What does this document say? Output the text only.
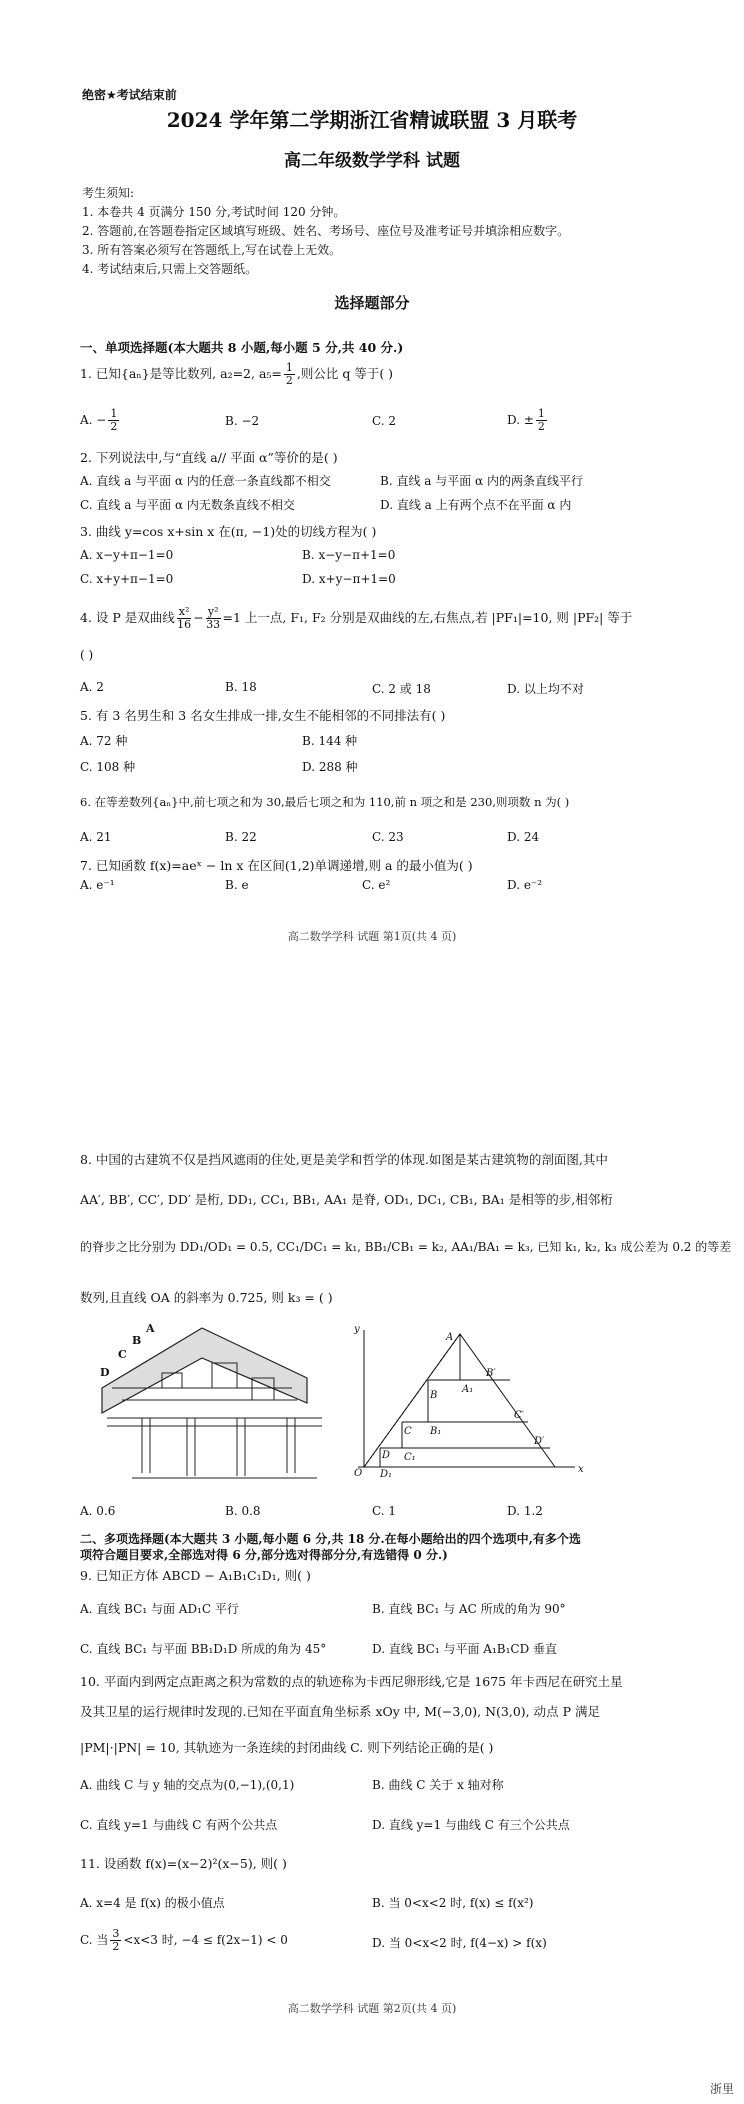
绝密★考试结束前
2024 学年第二学期浙江省精诚联盟 3 月联考
高二年级数学学科 试题
考生须知:
1. 本卷共 4 页满分 150 分,考试时间 120 分钟。
2. 答题前,在答题卷指定区域填写班级、姓名、考场号、座位号及准考证号并填涂相应数字。
3. 所有答案必须写在答题纸上,写在试卷上无效。
4. 考试结束后,只需上交答题纸。
选择题部分
一、单项选择题(本大题共 8 小题,每小题 5 分,共 40 分.)
1. 已知{aₙ}是等比数列, a₂=2, $a_5= \frac{1}{2}$ ,则公比 q 等于( )
A. − $\frac{1}{2}$	B. −2	C. 2	D. ± $\frac{1}{2}$
2. 下列说法中,与“直线 a// 平面 α”等价的是( )
A. 直线 a 与平面 α 内的任意一条直线都不相交	B. 直线 a 与平面 α 内的两条直线平行
C. 直线 a 与平面 α 内无数条直线不相交	D. 直线 a 上有两个点不在平面 α 内
3. 曲线 y=cos x+sin x 在(π, −1)处的切线方程为( )
A. x−y+π−1=0	B. x−y−π+1=0
C. x+y+π−1=0	D. x+y−π+1=0
4. 设 P 是双曲线 $\frac{\text{x²}}{16} - \frac{\text{y²}}{33} =1$ 上一点, F₁, F₂ 分别是双曲线的左,右焦点,若 |PF₁|=10, 则 |PF₂| 等于
( )
A. 2	B. 18	C. 2 或 18	D. 以上均不对
5. 有 3 名男生和 3 名女生排成一排,女生不能相邻的不同排法有( )
A. 72 种	B. 144 种
C. 108 种	D. 288 种
6. 在等差数列{aₙ}中,前七项之和为 30,最后七项之和为 110,前 n 项之和是 230,则项数 n 为( )
A. 21	B. 22	C. 23	D. 24
7. 已知函数 f(x)=aeˣ − ln x 在区间(1,2)单调递增,则 a 的最小值为( )
A. e⁻¹	B. e	C. e²	D. e⁻²
高二数学学科 试题 第1页(共 4 页)
8. 中国的古建筑不仅是挡风遮雨的住处,更是美学和哲学的体现.如图是某古建筑物的剖面图,其中
AA′, BB′, CC′, DD′ 是桁, DD₁, CC₁, BB₁, AA₁ 是脊, OD₁, DC₁, CB₁, BA₁ 是相等的步,相邻桁
的脊步之比分别为 DD₁/OD₁ = 0.5, CC₁/DC₁ = k₁, BB₁/CB₁ = k₂, AA₁/BA₁ = k₃, 已知 k₁, k₂, k₃ 成公差为 0.2 的等差
数列,且直线 OA 的斜率为 0.725, 则 k₃ = ( )
A
B
C
D
y
x
O
A
B
C
D
A₁
B₁
C₁
D₁
B′
C′
D′
A. 0.6	B. 0.8	C. 1	D. 1.2
二、多项选择题(本大题共 3 小题,每小题 6 分,共 18 分.在每小题给出的四个选项中,有多个选
项符合题目要求,全部选对得 6 分,部分选对得部分分,有选错得 0 分.)
9. 已知正方体 ABCD − A₁B₁C₁D₁, 则( )
A. 直线 BC₁ 与面 AD₁C 平行	B. 直线 BC₁ 与 AC 所成的角为 90°
C. 直线 BC₁ 与平面 BB₁D₁D 所成的角为 45°	D. 直线 BC₁ 与平面 A₁B₁CD 垂直
10. 平面内到两定点距离之积为常数的点的轨迹称为卡西尼卵形线,它是 1675 年卡西尼在研究土星
及其卫星的运行规律时发现的.已知在平面直角坐标系 xOy 中, M(−3,0), N(3,0), 动点 P 满足
|PM|·|PN| = 10, 其轨迹为一条连续的封闭曲线 C. 则下列结论正确的是( )
A. 曲线 C 与 y 轴的交点为(0,−1),(0,1)	B. 曲线 C 关于 x 轴对称
C. 直线 y=1 与曲线 C 有两个公共点	D. 直线 y=1 与曲线 C 有三个公共点
11. 设函数 f(x)=(x−2)²(x−5), 则( )
A. x=4 是 f(x) 的极小值点	B. 当 0<x<2 时, f(x) ≤ f(x²)
C. 当 $\frac{3}{2} <x<3$ 时, −4 ≤ f(2x−1) < 0	D. 当 0<x<2 时, f(4−x) > f(x)
高二数学学科 试题 第2页(共 4 页)
浙里
